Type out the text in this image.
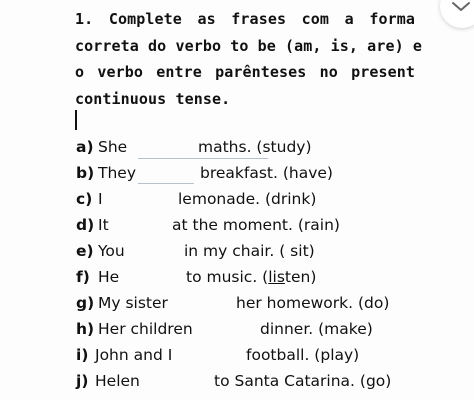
1. Complete as frases com a forma
correta do verbo to be (am, is, are) e
o verbo entre parênteses no present
continuous tense.
a) She	maths. (study)
b) They	breakfast. (have)
c) I	lemonade. (drink)
d) It	at the moment. (rain)
e) You	in my chair. ( sit)
f) He	to music. (listen)
g) My sister	her homework. (do)
h) Her children	dinner. (make)
i) John and I	football. (play)
j) Helen	to Santa Catarina. (go)
